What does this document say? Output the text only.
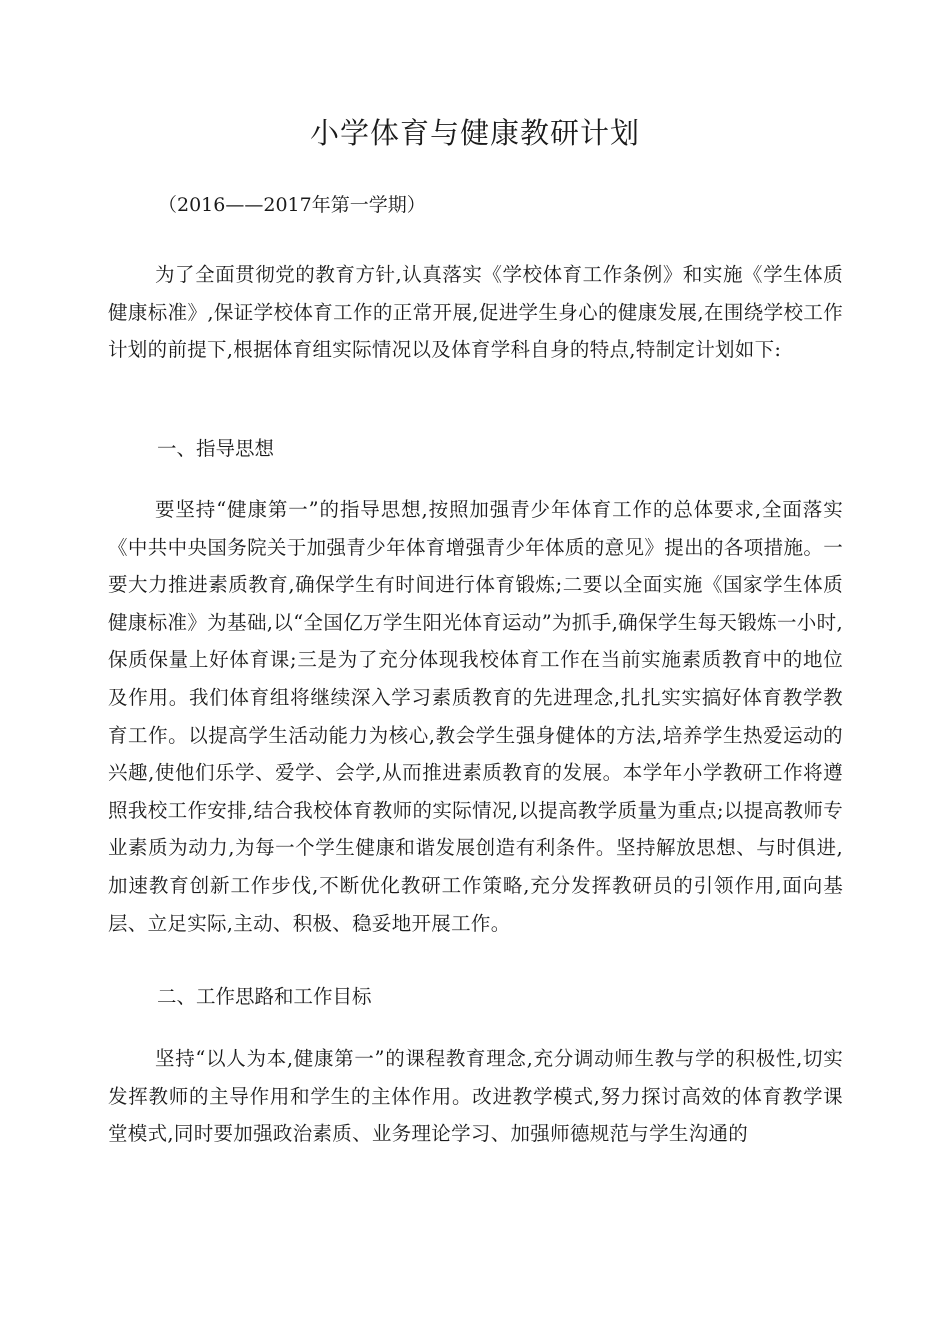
小学体育与健康教研计划

（2016——2017年第一学期）

为了全面贯彻党的教育方针,认真落实《学校体育工作条例》和实施《学生体质健康标准》,保证学校体育工作的正常开展,促进学生身心的健康发展,在围绕学校工作计划的前提下,根据体育组实际情况以及体育学科自身的特点,特制定计划如下:

一、指导思想

要坚持“健康第一”的指导思想,按照加强青少年体育工作的总体要求,全面落实《中共中央国务院关于加强青少年体育增强青少年体质的意见》提出的各项措施。一要大力推进素质教育,确保学生有时间进行体育锻炼;二要以全面实施《国家学生体质健康标准》为基础,以“全国亿万学生阳光体育运动”为抓手,确保学生每天锻炼一小时,保质保量上好体育课;三是为了充分体现我校体育工作在当前实施素质教育中的地位及作用。我们体育组将继续深入学习素质教育的先进理念,扎扎实实搞好体育教学教育工作。以提高学生活动能力为核心,教会学生强身健体的方法,培养学生热爱运动的兴趣,使他们乐学、爱学、会学,从而推进素质教育的发展。本学年小学教研工作将遵照我校工作安排,结合我校体育教师的实际情况,以提高教学质量为重点;以提高教师专业素质为动力,为每一个学生健康和谐发展创造有利条件。坚持解放思想、与时俱进,加速教育创新工作步伐,不断优化教研工作策略,充分发挥教研员的引领作用,面向基层、立足实际,主动、积极、稳妥地开展工作。

二、工作思路和工作目标

坚持“以人为本,健康第一”的课程教育理念,充分调动师生教与学的积极性,切实发挥教师的主导作用和学生的主体作用。改进教学模式,努力探讨高效的体育教学课堂模式,同时要加强政治素质、业务理论学习、加强师德规范与学生沟通的
